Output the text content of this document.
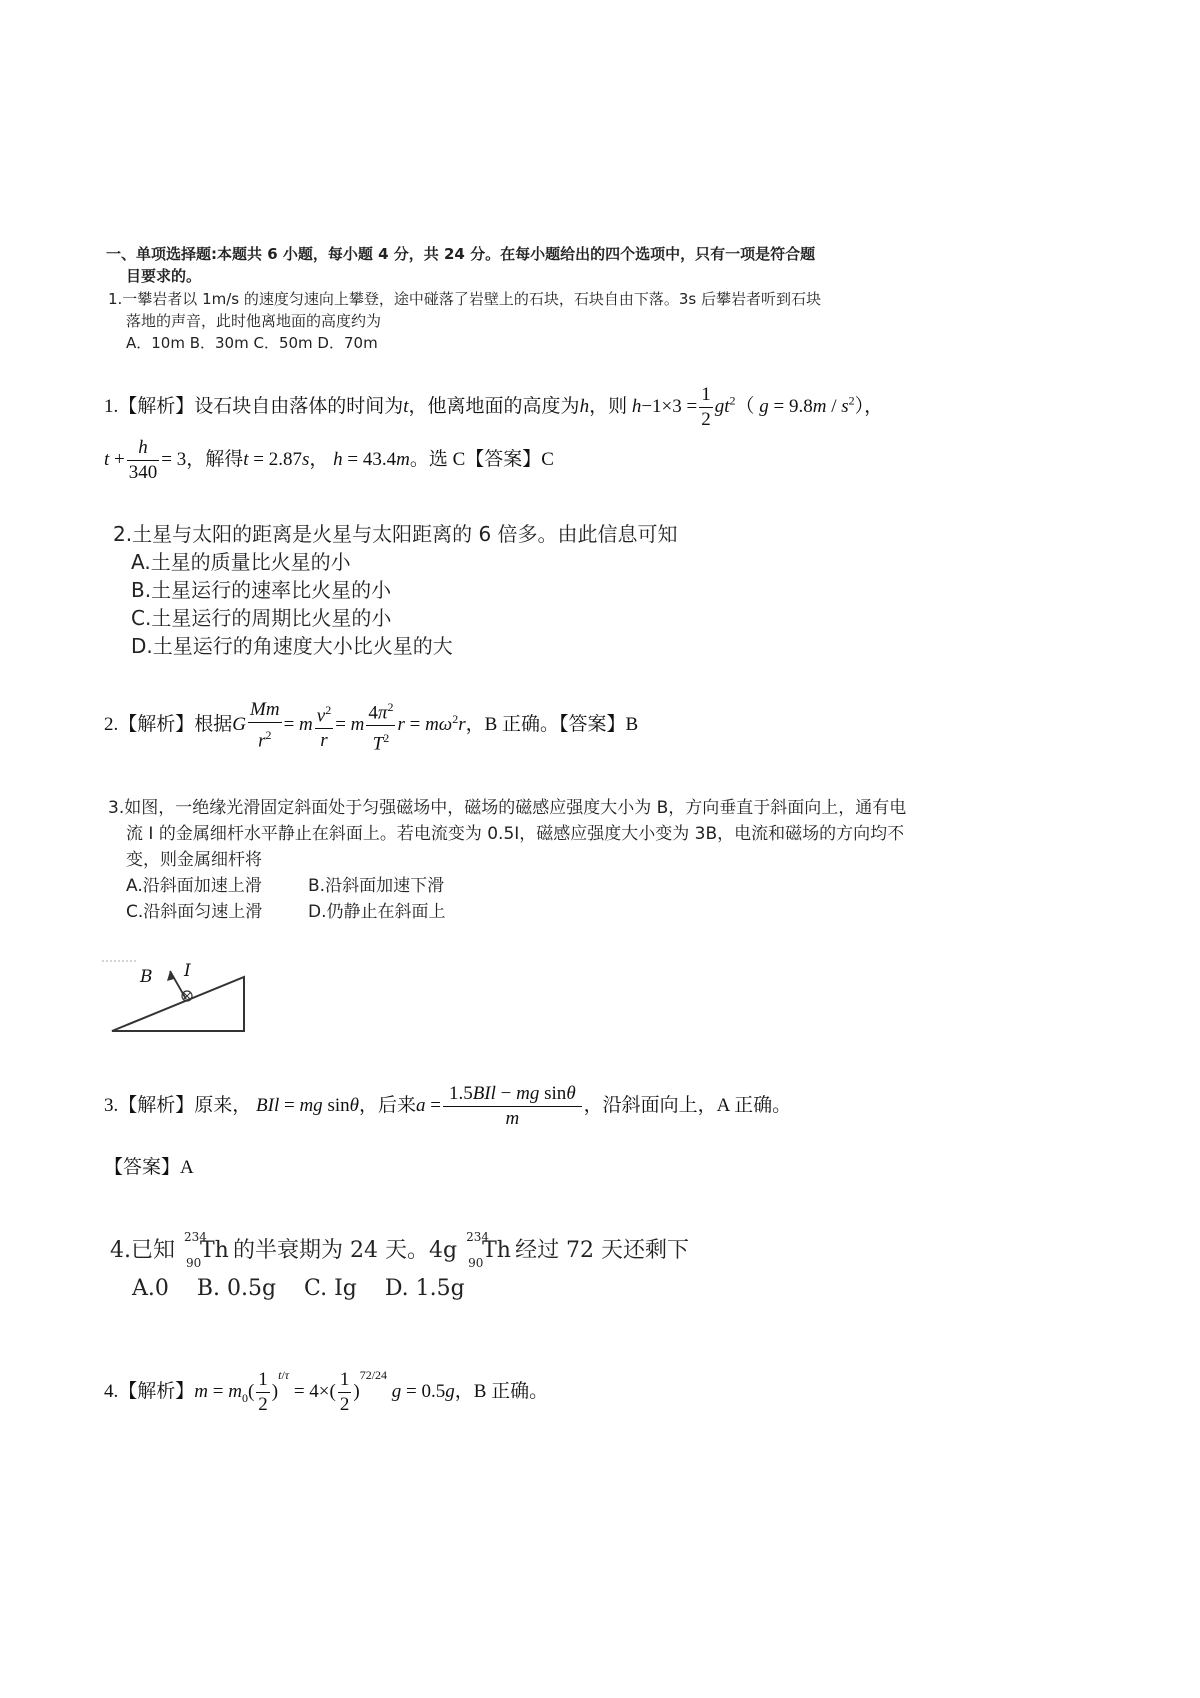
一、单项选择题:本题共 6 小题，每小题 4 分，共 24 分。在每小题给出的四个选项中，只有一项是符合题
目要求的。
1.一攀岩者以 1m/s 的速度匀速向上攀登，途中碰落了岩壁上的石块，石块自由下落。3s 后攀岩者听到石块
落地的声音，此时他离地面的高度约为
A．10m B．30m C．50m D．70m
1.【解析】设石块自由落体的时间为t，他离地面的高度为h，则 $h-1\times 3 = \frac{1}{2} gt^2$（ $g = 9.8m / s^2$），
$t + \frac{h}{340} = 3$，解得t = 2.87s， h = 43.4m。选 C【答案】C
2.土星与太阳的距离是火星与太阳距离的 6 倍多。由此信息可知
A.土星的质量比火星的小
B.土星运行的速率比火星的小
C.土星运行的周期比火星的小
D.土星运行的角速度大小比火星的大
2.【解析】根据G $\frac{Mm}{r^2} = m \frac{v^2}{r} = m \frac{4\pi^2}{T^2}$ $r = m\omega^2r$，B 正确。【答案】B
3.如图，一绝缘光滑固定斜面处于匀强磁场中，磁场的磁感应强度大小为 B，方向垂直于斜面向上，通有电
流 I 的金属细杆水平静止在斜面上。若电流变为 0.5I，磁感应强度大小变为 3B，电流和磁场的方向均不
变，则金属细杆将
A.沿斜面加速上滑	B.沿斜面加速下滑
C.沿斜面匀速上滑	D.仍静止在斜面上
B I
3.【解析】原来， BIl = mg sinθ，后来$a = \frac{\text{1.5BIl − mg sinθ}}{m}$ ，沿斜面向上，A 正确。
【答案】A
4.已知
234
90
Th 的半衰期为 24 天。4g
234
90
Th 经过 72 天还剩下
A.0    B. 0.5g    C. Ig    D. 1.5g
4.【解析】$m = m_0( \frac{1}{2} )^{t/\tau} = 4\times( \frac{1}{2} )^{72/24}$ g = 0.5g，B 正确。
